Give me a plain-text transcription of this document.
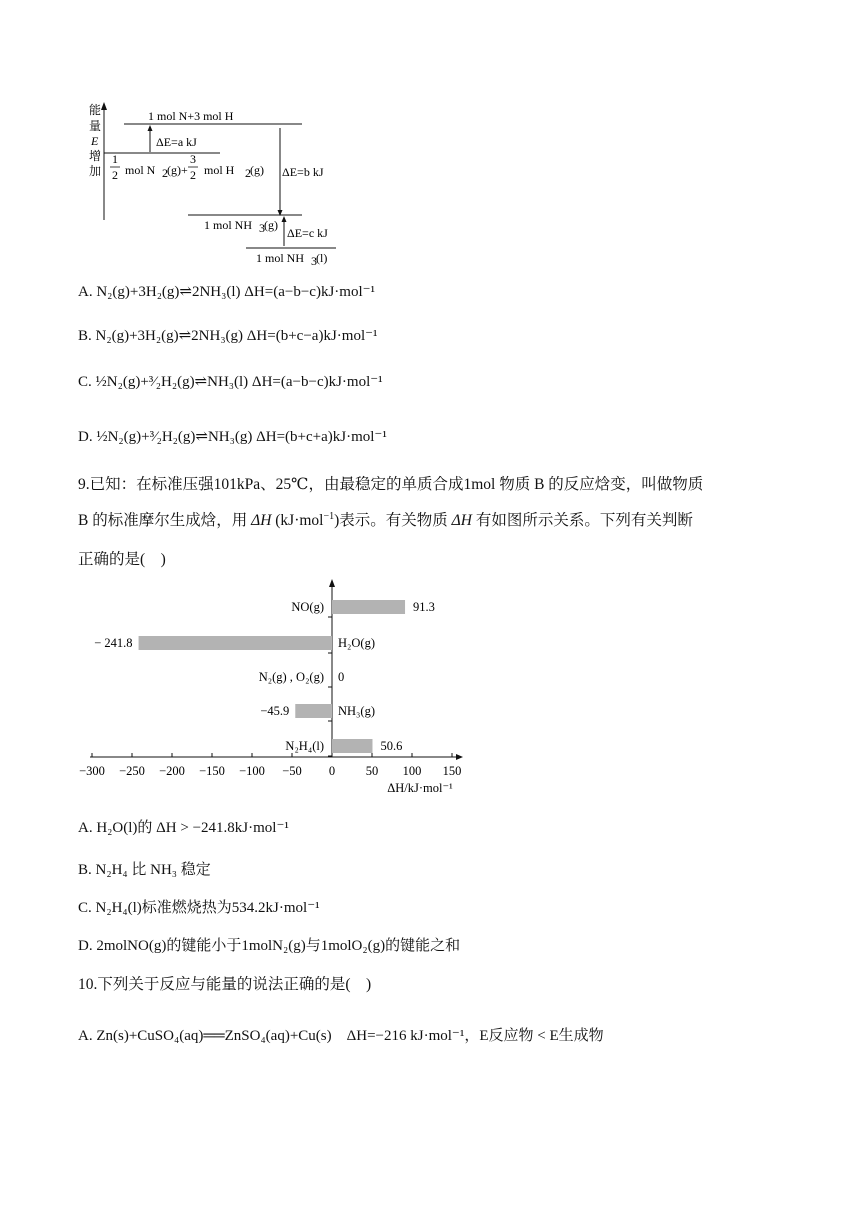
能
量
E
增
加
1 mol N+3 mol H
ΔE=a kJ
1
2 mol N 2 (g)+
3
2 mol H 2 (g) ΔE=b kJ
1 mol NH 3 (g)
ΔE=c kJ
1 mol NH 3 (l)
A. N₂(g)+3H₂(g)⇌2NH₃(l) ΔH=(a−b−c)kJ·mol⁻¹
B. N₂(g)+3H₂(g)⇌2NH₃(g) ΔH=(b+c−a)kJ·mol⁻¹
C. ½N₂(g)+³⁄₂H₂(g)⇌NH₃(l) ΔH=(a−b−c)kJ·mol⁻¹
D. ½N₂(g)+³⁄₂H₂(g)⇌NH₃(g) ΔH=(b+c+a)kJ·mol⁻¹
9.已知：在标准压强101kPa、25℃，由最稳定的单质合成1mol 物质 B 的反应焓变，叫做物质
B 的标准摩尔生成焓，用 ΔH (kJ·mol$^{-1}$)表示。有关物质 ΔH 有如图所示关系。下列有关判断
正确的是(　)
−300 −250 −200 −150 −100 −50 0 50 100 150
ΔH/kJ·mol⁻¹
NO(g)	91.3
H₂O(g)
− 241.8
N₂(g) , O₂(g) 0
NH₃(g)
−45.9
N₂H₄(l)	50.6
A. H₂O(l)的 ΔH > −241.8kJ·mol⁻¹
B. N₂H₄ 比 NH₃ 稳定
C. N₂H₄(l)标准燃烧热为534.2kJ·mol⁻¹
D. 2molNO(g)的键能小于1molN₂(g)与1molO₂(g)的键能之和
10.下列关于反应与能量的说法正确的是(　)
A. Zn(s)+CuSO₄(aq)══ZnSO₄(aq)+Cu(s)　ΔH=−216 kJ·mol⁻¹，E反应物 < E生成物
